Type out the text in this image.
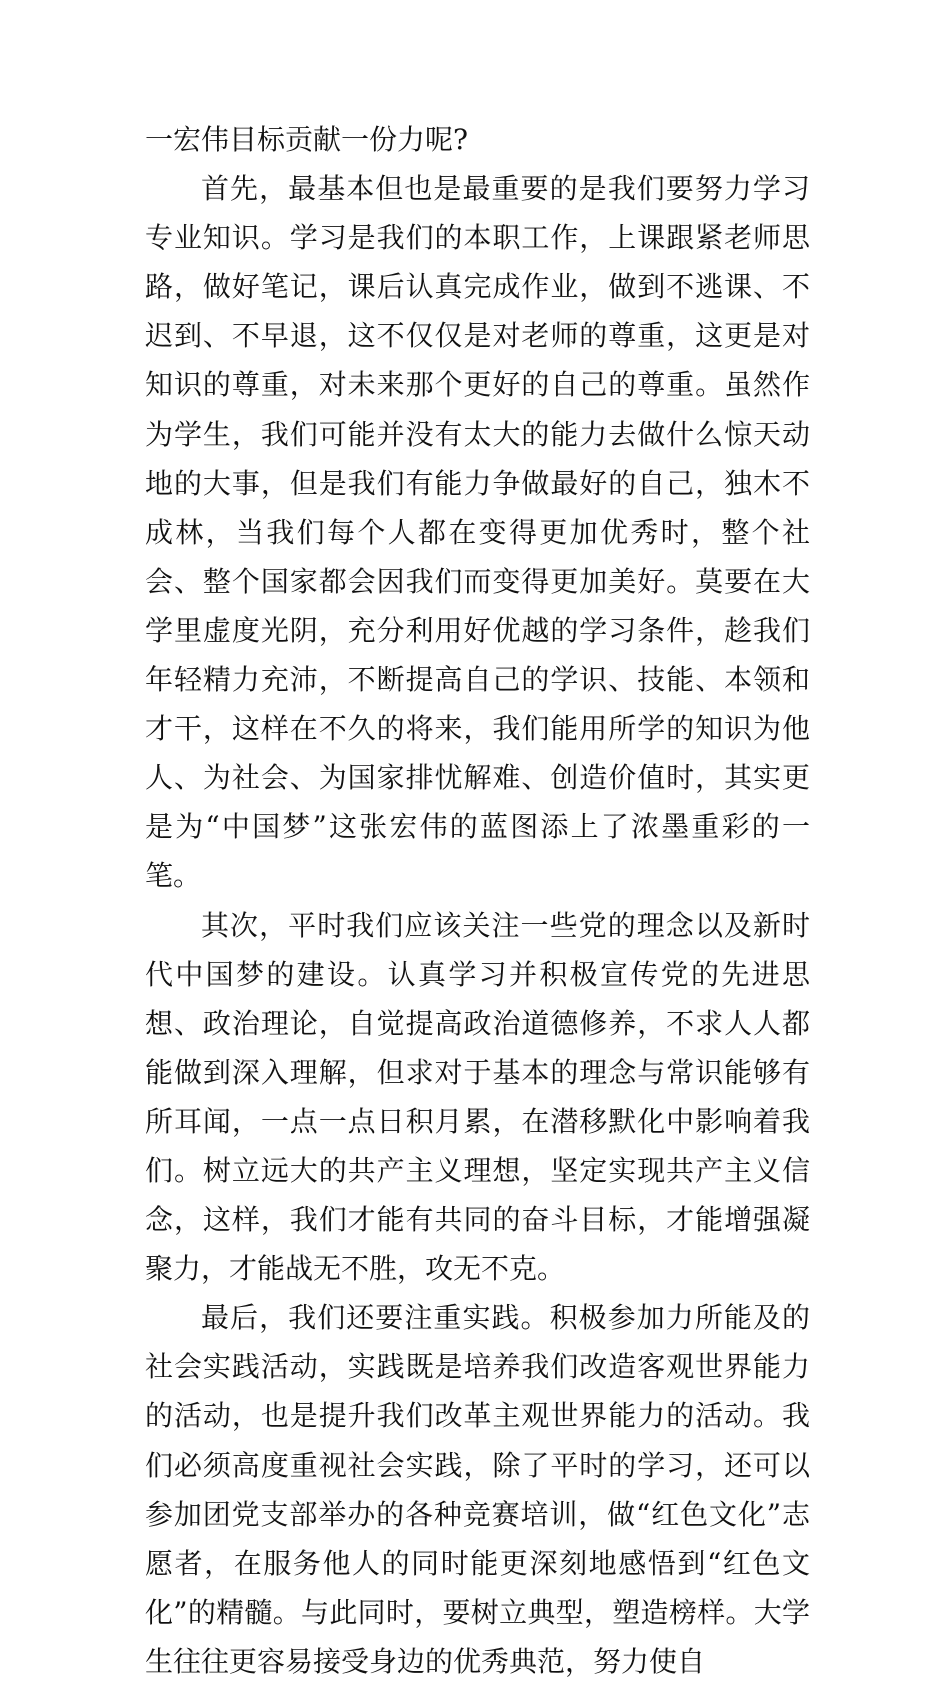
一宏伟目标贡献一份力呢?

首先，最基本但也是最重要的是我们要努力学习专业知识。学习是我们的本职工作，上课跟紧老师思路，做好笔记，课后认真完成作业，做到不逃课、不迟到、不早退，这不仅仅是对老师的尊重，这更是对知识的尊重，对未来那个更好的自己的尊重。虽然作为学生，我们可能并没有太大的能力去做什么惊天动地的大事，但是我们有能力争做最好的自己，独木不成林，当我们每个人都在变得更加优秀时，整个社会、整个国家都会因我们而变得更加美好。莫要在大学里虚度光阴，充分利用好优越的学习条件，趁我们年轻精力充沛，不断提高自己的学识、技能、本领和才干，这样在不久的将来，我们能用所学的知识为他人、为社会、为国家排忧解难、创造价值时，其实更是为“中国梦”这张宏伟的蓝图添上了浓墨重彩的一笔。

其次，平时我们应该关注一些党的理念以及新时代中国梦的建设。认真学习并积极宣传党的先进思想、政治理论，自觉提高政治道德修养，不求人人都能做到深入理解，但求对于基本的理念与常识能够有所耳闻，一点一点日积月累，在潜移默化中影响着我们。树立远大的共产主义理想，坚定实现共产主义信念，这样，我们才能有共同的奋斗目标，才能增强凝聚力，才能战无不胜，攻无不克。

最后，我们还要注重实践。积极参加力所能及的社会实践活动，实践既是培养我们改造客观世界能力的活动，也是提升我们改革主观世界能力的活动。我们必须高度重视社会实践，除了平时的学习，还可以参加团党支部举办的各种竞赛培训，做“红色文化”志愿者，在服务他人的同时能更深刻地感悟到“红色文化”的精髓。与此同时，要树立典型，塑造榜样。大学生往往更容易接受身边的优秀典范，努力使自
